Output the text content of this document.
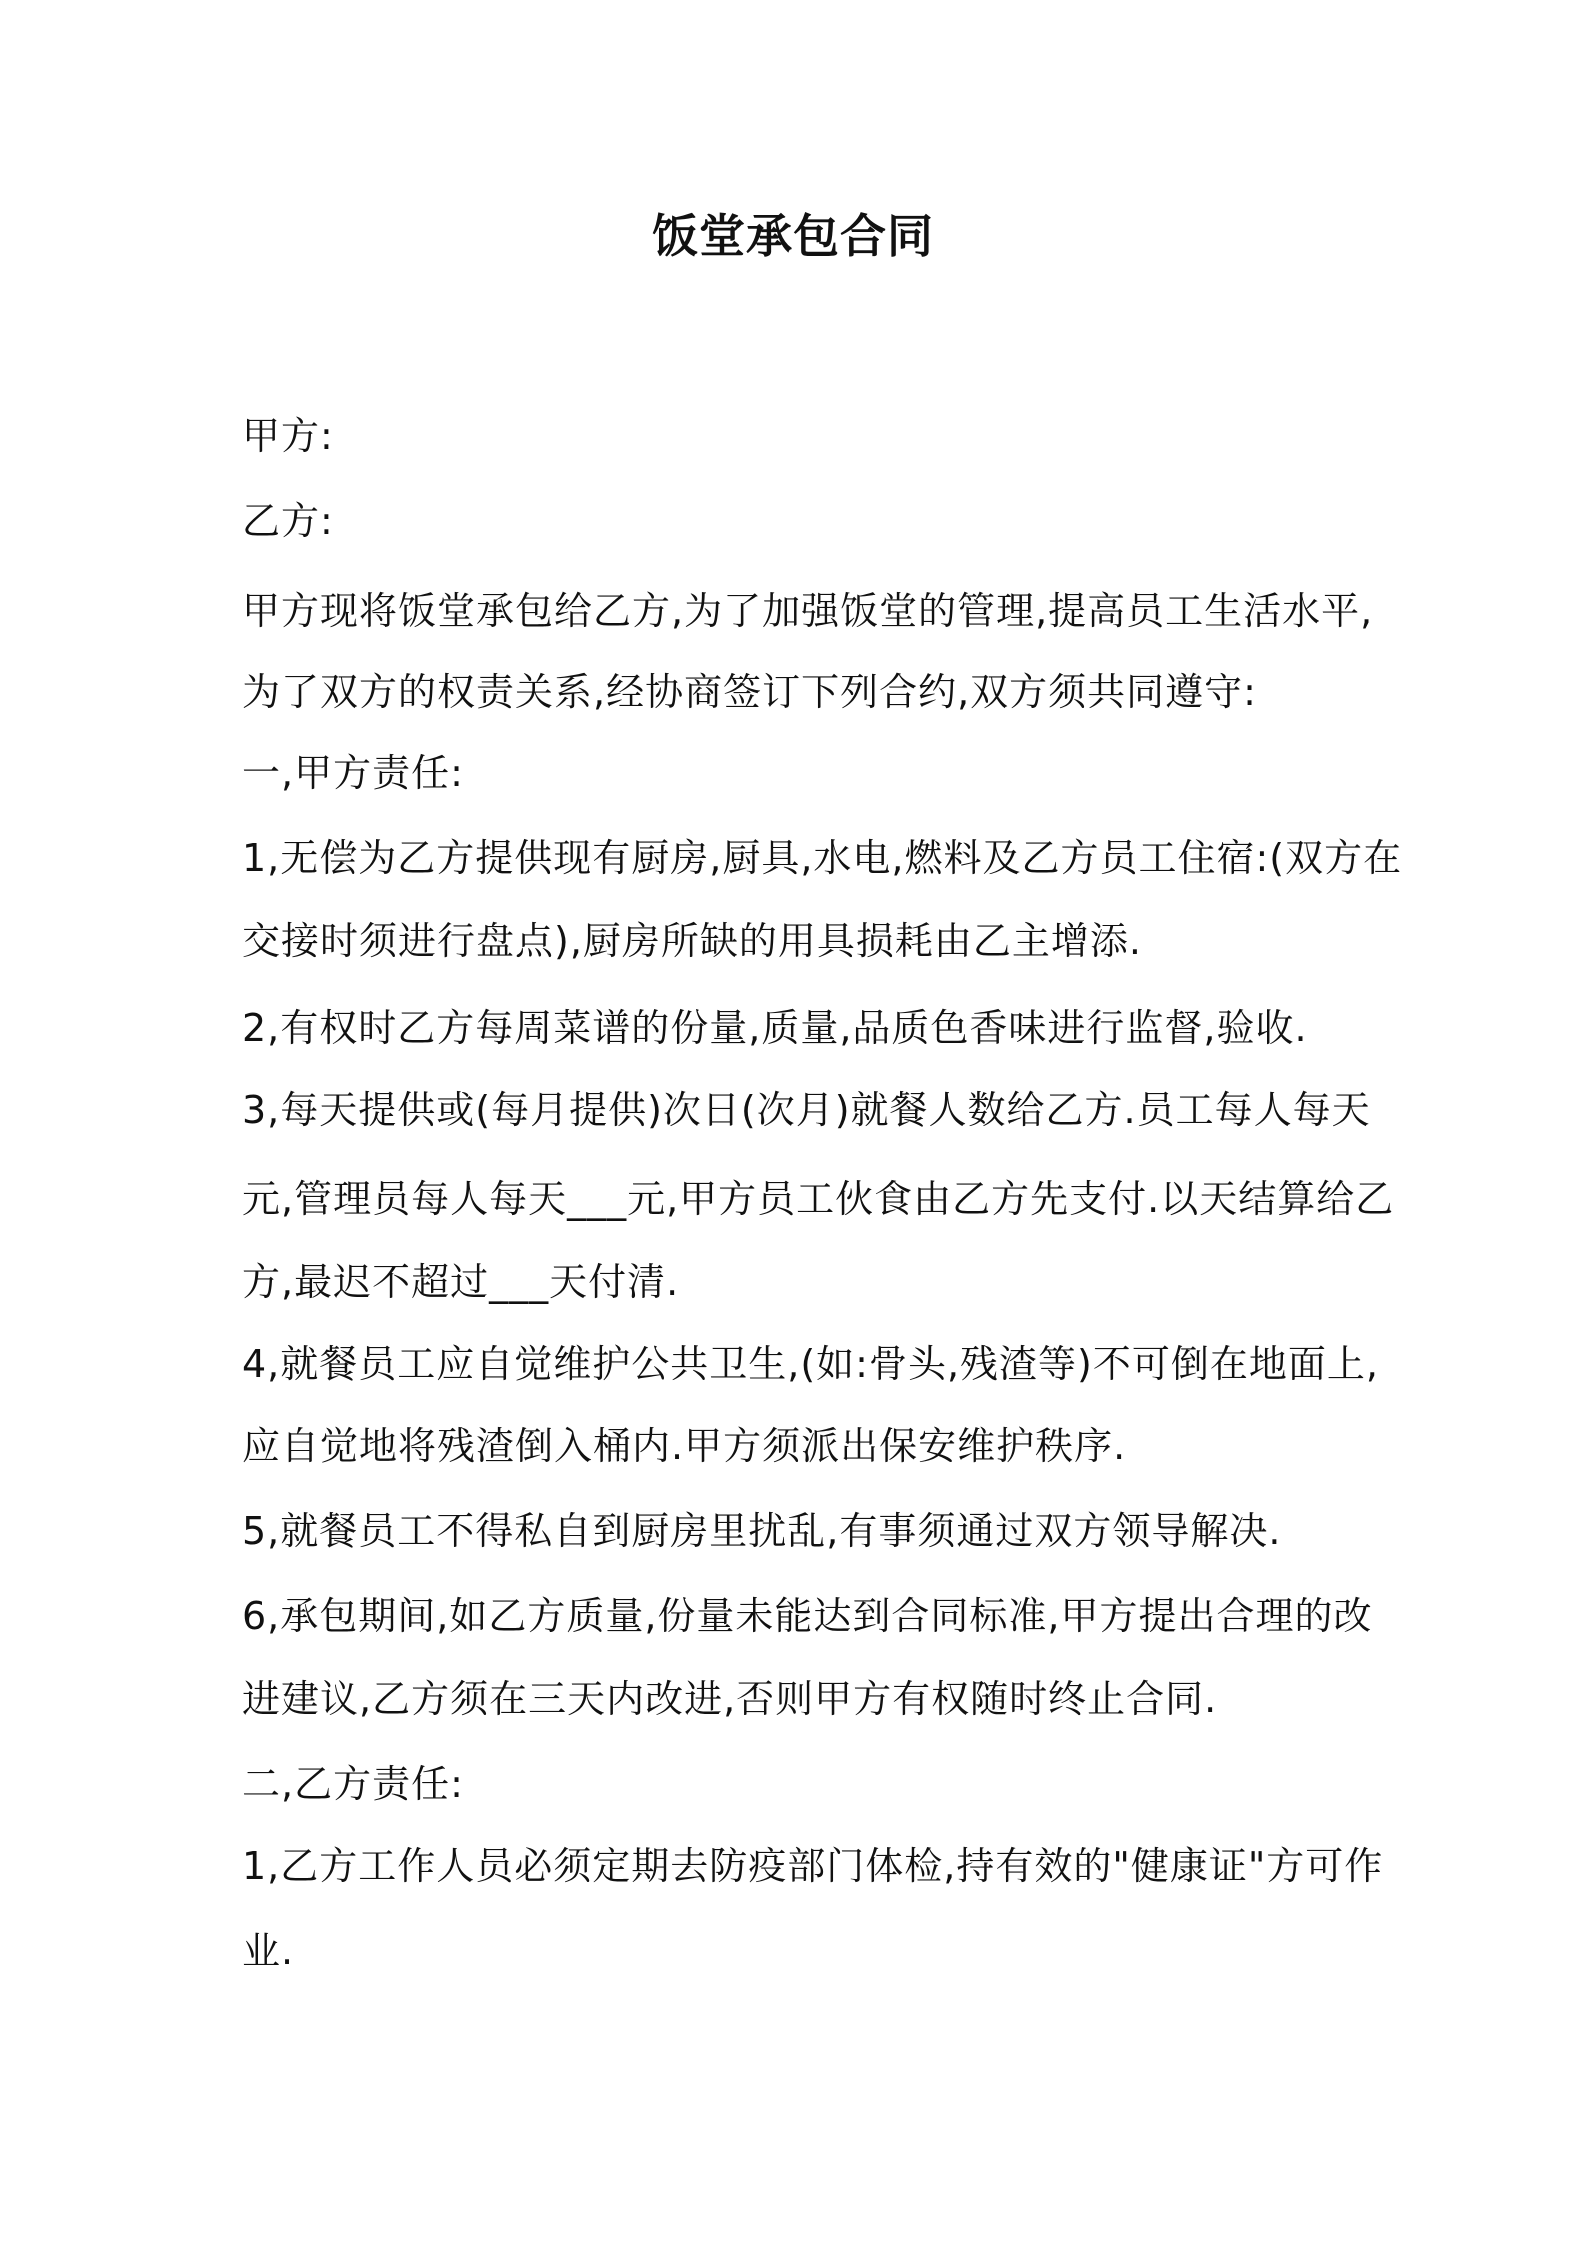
饭堂承包合同
甲方:
乙方:
甲方现将饭堂承包给乙方,为了加强饭堂的管理,提高员工生活水平,
为了双方的权责关系,经协商签订下列合约,双方须共同遵守:
一,甲方责任:
1,无偿为乙方提供现有厨房,厨具,水电,燃料及乙方员工住宿:(双方在
交接时须进行盘点),厨房所缺的用具损耗由乙主增添.
2,有权时乙方每周菜谱的份量,质量,品质色香味进行监督,验收.
3,每天提供或(每月提供)次日(次月)就餐人数给乙方.员工每人每天
元,管理员每人每天___元,甲方员工伙食由乙方先支付.以天结算给乙
方,最迟不超过___天付清.
4,就餐员工应自觉维护公共卫生,(如:骨头,残渣等)不可倒在地面上,
应自觉地将残渣倒入桶内.甲方须派出保安维护秩序.
5,就餐员工不得私自到厨房里扰乱,有事须通过双方领导解决.
6,承包期间,如乙方质量,份量未能达到合同标准,甲方提出合理的改
进建议,乙方须在三天内改进,否则甲方有权随时终止合同.
二,乙方责任:
1,乙方工作人员必须定期去防疫部门体检,持有效的"健康证"方可作
业.
